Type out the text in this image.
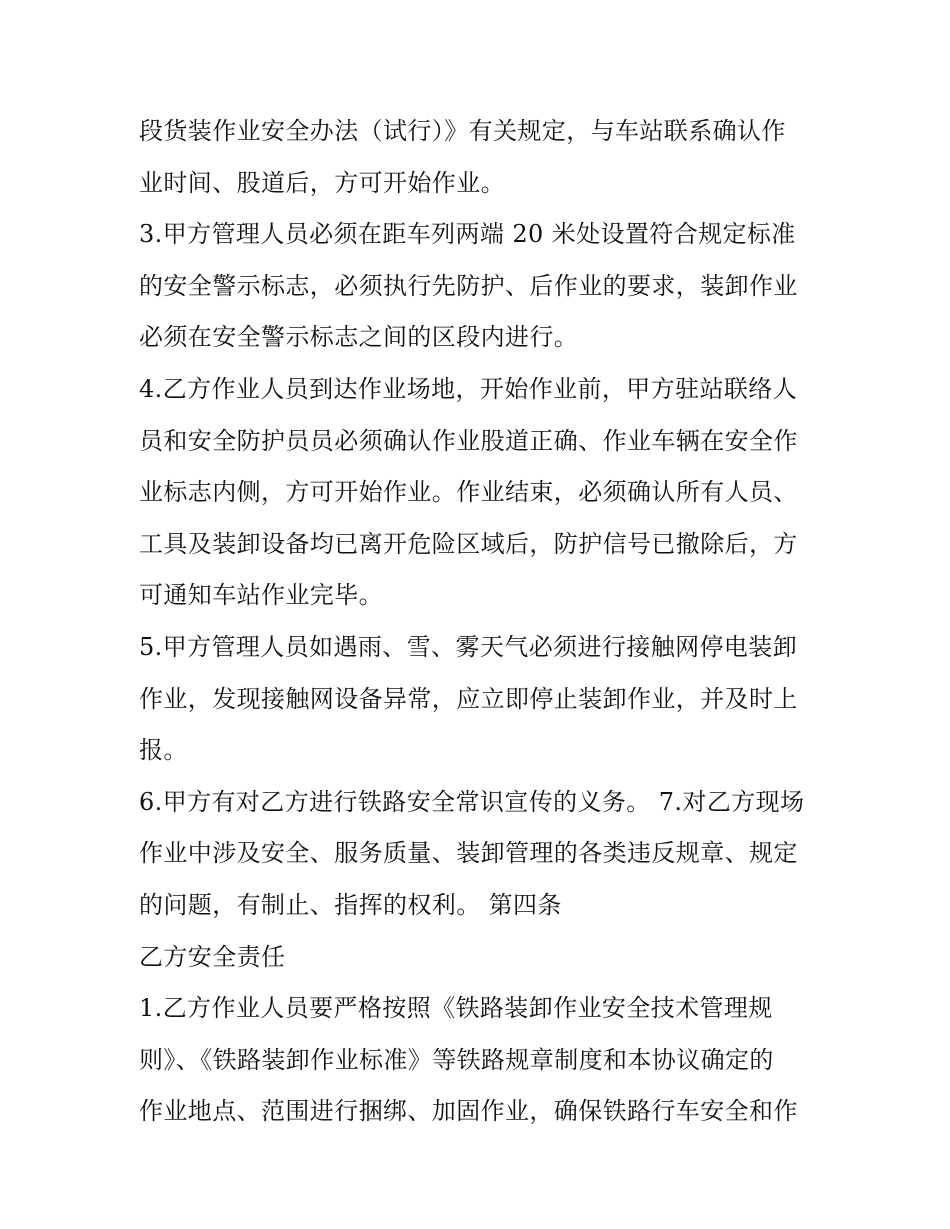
段货装作业安全办法（试行）》有关规定，与车站联系确认作
业时间、股道后，方可开始作业。
3.甲方管理人员必须在距车列两端 20 米处设置符合规定标准
的安全警示标志，必须执行先防护、后作业的要求，装卸作业
必须在安全警示标志之间的区段内进行。
4.乙方作业人员到达作业场地，开始作业前，甲方驻站联络人
员和安全防护员员必须确认作业股道正确、作业车辆在安全作
业标志内侧，方可开始作业。作业结束，必须确认所有人员、
工具及装卸设备均已离开危险区域后，防护信号已撤除后，方
可通知车站作业完毕。
5.甲方管理人员如遇雨、雪、雾天气必须进行接触网停电装卸
作业，发现接触网设备异常，应立即停止装卸作业，并及时上
报。
6.甲方有对乙方进行铁路安全常识宣传的义务。 7.对乙方现场
作业中涉及安全、服务质量、装卸管理的各类违反规章、规定
的问题，有制止、指挥的权利。 第四条
乙方安全责任
1.乙方作业人员要严格按照《铁路装卸作业安全技术管理规
则》、《铁路装卸作业标准》等铁路规章制度和本协议确定的
作业地点、范围进行捆绑、加固作业，确保铁路行车安全和作
